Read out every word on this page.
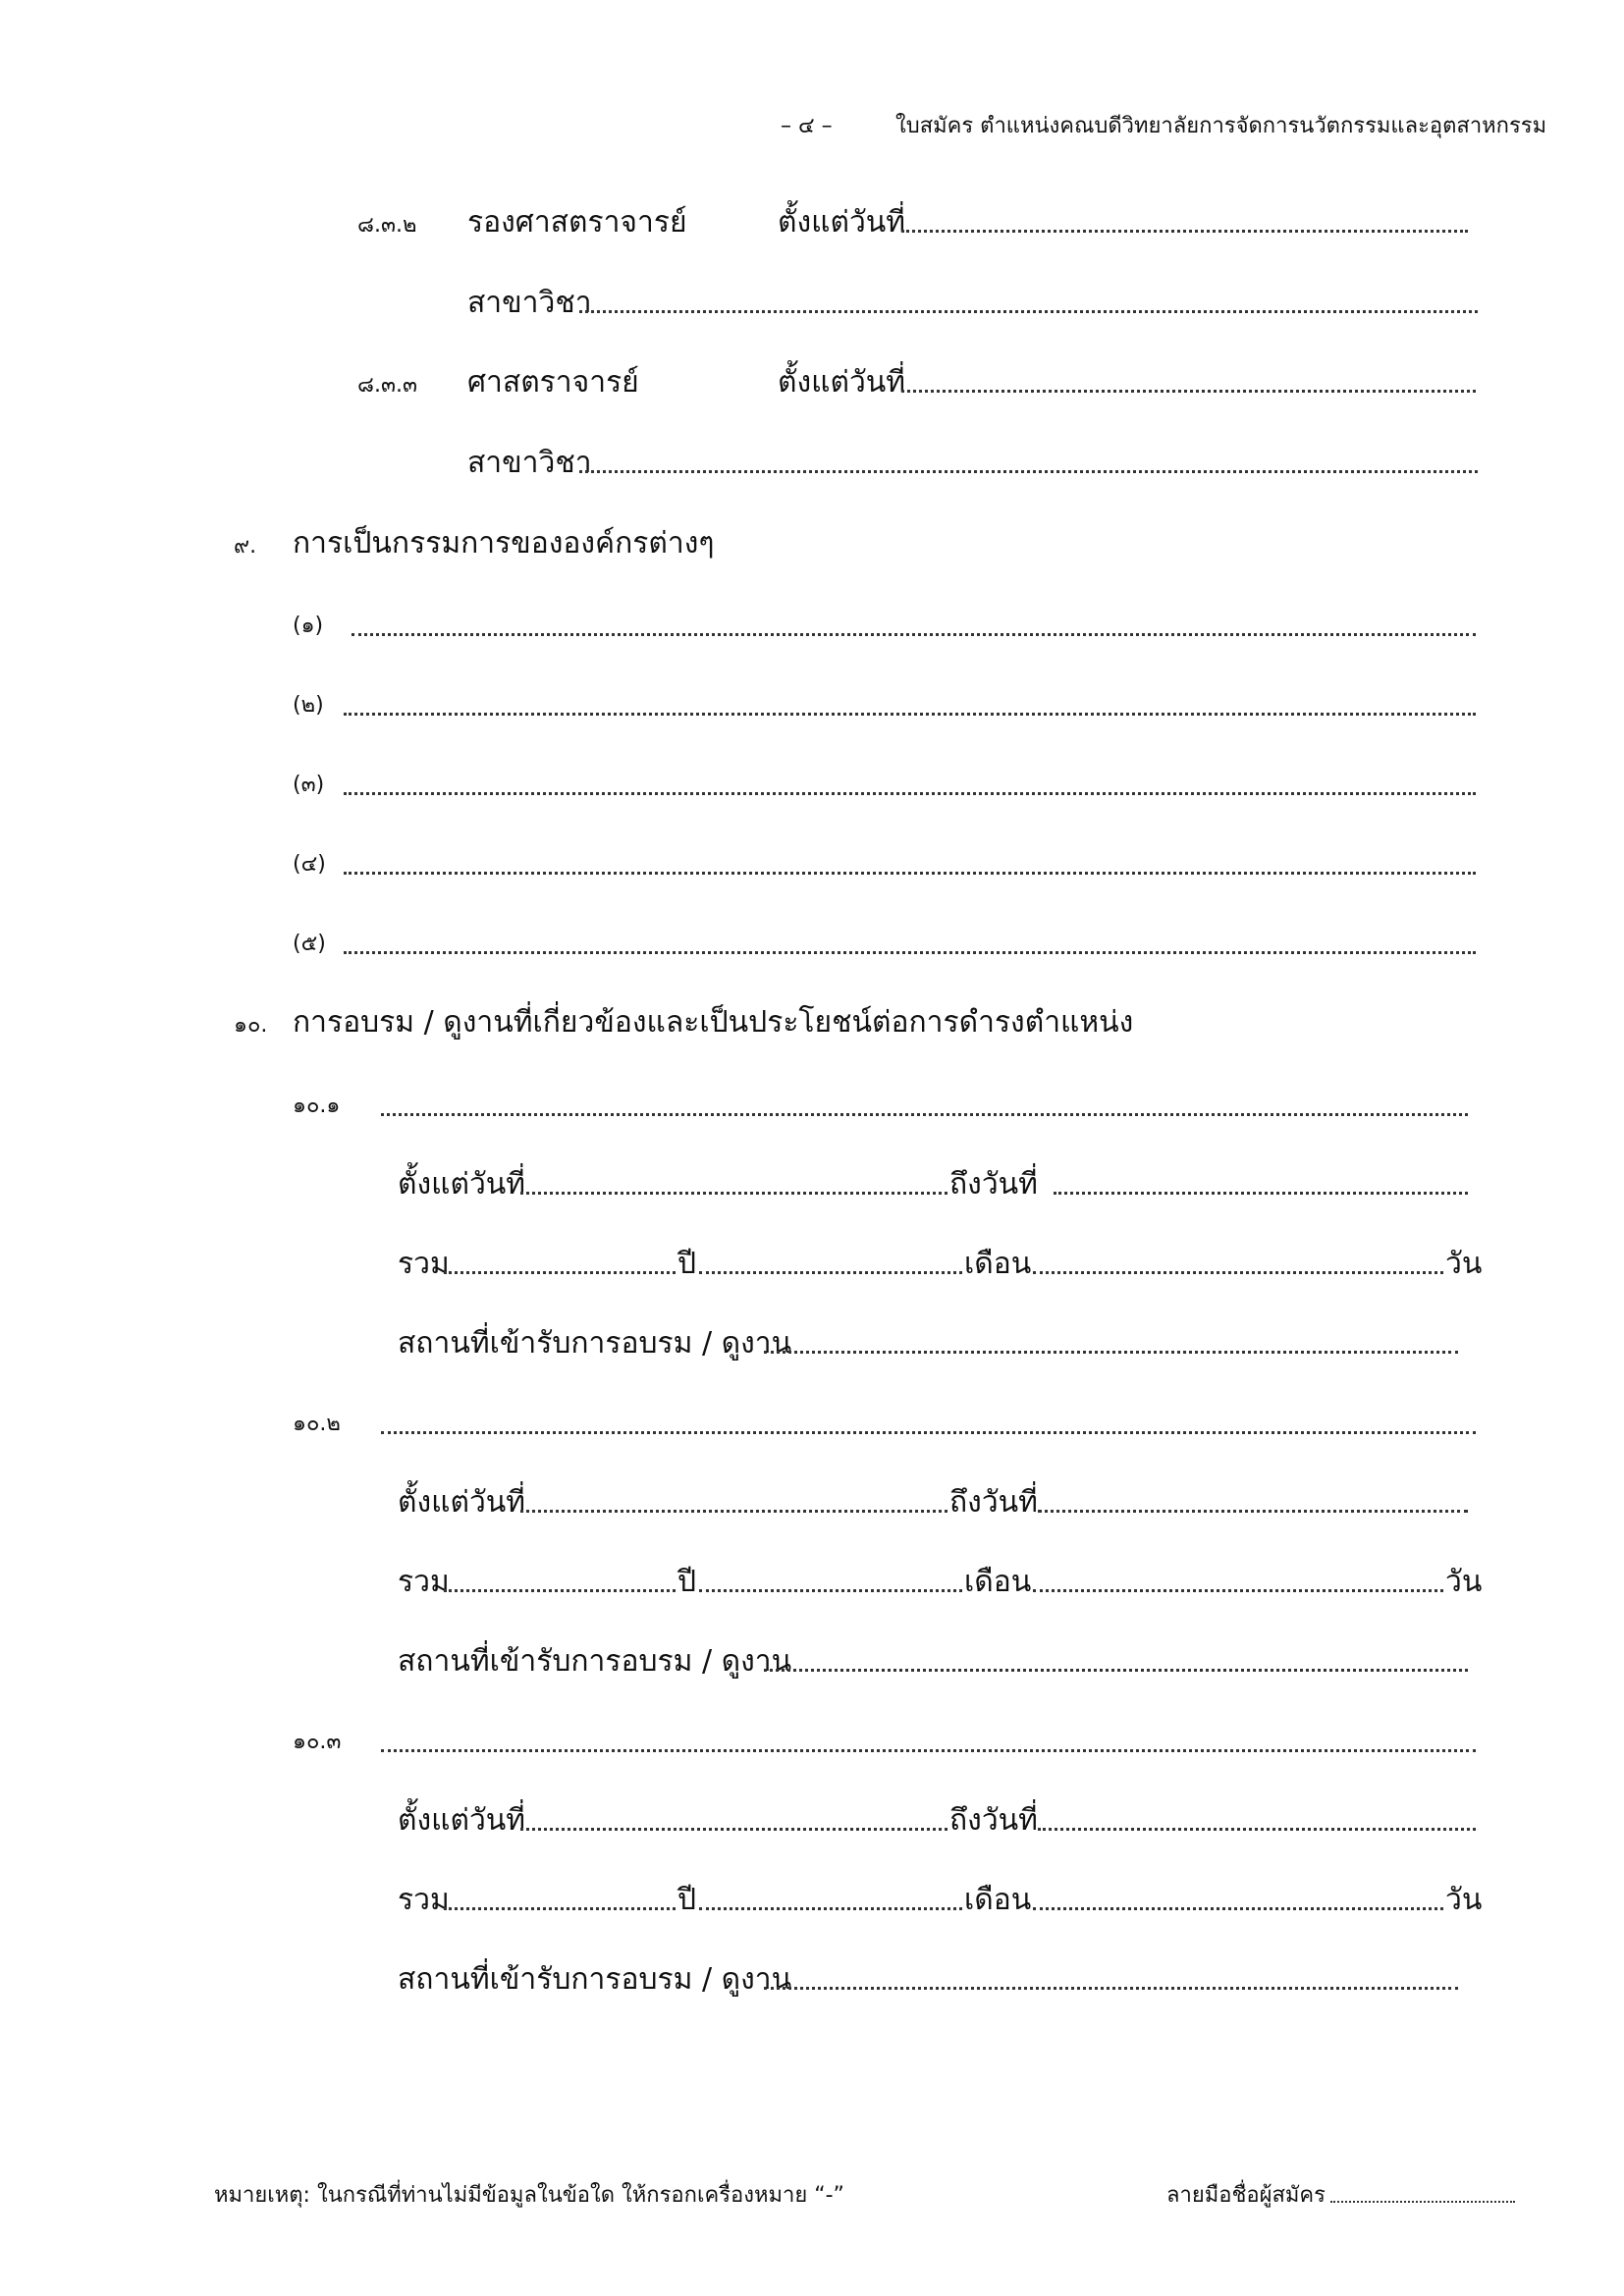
– ๔ –	ใบสมัคร ตำแหน่งคณบดีวิทยาลัยการจัดการนวัตกรรมและอุตสาหกรรม
๘.๓.๒ รองศาสตราจารย์	ตั้งแต่วันที่
สาขาวิชา
๘.๓.๓ ศาสตราจารย์	ตั้งแต่วันที่
สาขาวิชา
๙. การเป็นกรรมการขององค์กรต่างๆ
(๑)
(๒)
(๓)
(๔)
(๕)
๑๐. การอบรม / ดูงานที่เกี่ยวข้องและเป็นประโยชน์ต่อการดำรงตำแหน่ง
๑๐.๑
ตั้งแต่วันที่	ถึงวันที่
รวม	ปี	เดือน	วัน
สถานที่เข้ารับการอบรม / ดูงาน
๑๐.๒
ตั้งแต่วันที่	ถึงวันที่
รวม	ปี	เดือน	วัน
สถานที่เข้ารับการอบรม / ดูงาน
๑๐.๓
ตั้งแต่วันที่	ถึงวันที่
รวม	ปี	เดือน	วัน
สถานที่เข้ารับการอบรม / ดูงาน
หมายเหตุ: ในกรณีที่ท่านไม่มีข้อมูลในข้อใด ให้กรอกเครื่องหมาย “-”	ลายมือชื่อผู้สมัคร
